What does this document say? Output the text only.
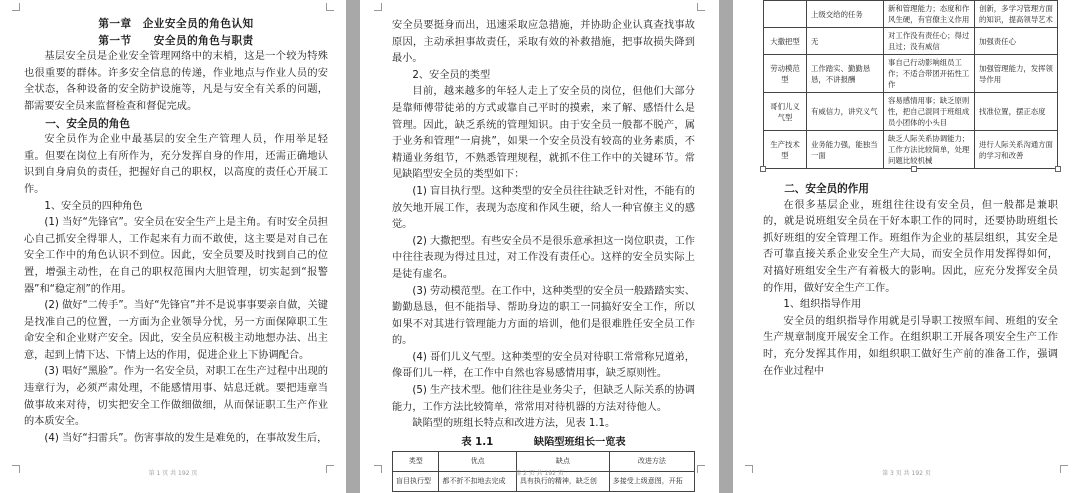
第一章　企业安全员的角色认知

第一节　　安全员的角色与职责

基层安全员是企业安全管理网络中的末梢，这是一个较为特殊也很重要的群体。许多安全信息的传递，作业地点与作业人员的安全状态，各种设备的安全防护设施等，凡是与安全有关系的问题，都需要安全员来监督检查和督促完成。

一、安全员的角色

安全员作为企业中最基层的安全生产管理人员，作用举足轻重。但要在岗位上有所作为，充分发挥自身的作用，还需正确地认识到自身肩负的责任，把握好自己的职权，以高度的责任心开展工作。

1、安全员的四种角色

(1) 当好“先锋官”。安全员在安全生产上是主角。有时安全员担心自己抓安全得罪人，工作起来有力而不敢使，这主要是对自己在安全工作中的角色认识不到位。因此，安全员要及时找到自己的位置，增强主动性，在自己的职权范围内大胆管理，切实起到“报警器”和“稳定剂”的作用。

(2) 做好“二传手”。当好“先锋官”并不是说事事要亲自做，关键是找准自己的位置，一方面为企业领导分忧，另一方面保障职工生命安全和企业财产安全。因此，安全员应积极主动地想办法、出主意，起到上情下达、下情上达的作用，促进企业上下协调配合。

(3) 唱好“黑脸”。作为一名安全员，对职工在生产过程中出现的违章行为，必须严肃处理，不能感情用事、姑息迁就。要把违章当做事故来对待，切实把安全工作做细做细，从而保证职工生产作业的本质安全。

(4) 当好“扫雷兵”。伤害事故的发生是难免的，在事故发生后，

第 1 页 共 192 页

安全员要挺身而出，迅速采取应急措施，并协助企业认真查找事故原因，主动承担事故责任，采取有效的补救措施，把事故损失降到最小。

2、安全员的类型

目前，越来越多的年轻人走上了安全员的岗位，但他们大部分是靠师傅带徒弟的方式或靠自己平时的摸索，来了解、感悟什么是管理。因此，缺乏系统的管理知识。由于安全员一般都不脱产，属于业务和管理“一肩挑”，如果一个安全员没有较高的业务素质，不精通业务组节，不熟悉管理规程，就抓不住工作中的关键环节。常见缺陷型安全员的类型如下：

(1) 盲目执行型。这种类型的安全员往往缺乏针对性，不能有的放矢地开展工作，表现为态度和作风生硬，给人一种官僚主义的感觉。

(2) 大撒把型。有些安全员不是很乐意承担这一岗位职责，工作中往往表现为得过且过，对工作没有责任心。这样的安全员实际上是徒有虚名。

(3) 劳动模范型。在工作中，这种类型的安全员一般踏踏实实、勤勤恳恳，但不能指导、帮助身边的职工一同搞好安全工作，所以如果不对其进行管理能力方面的培训，他们是很难胜任安全员工作的。

(4) 哥们儿义气型。这种类型的安全员对待职工常常称兄道弟，像哥们儿一样，在工作中自然也容易感情用事，缺乏原则性。

(5) 生产技术型。他们往往是业务尖子，但缺乏人际关系的协调能力，工作方法比较简单，常常用对待机器的方法对待他人。

缺陷型的班组长特点和改进方法，见表 1.1。

表 1.1　　　　缺陷型班组长一览表

类型	优点	缺点	改进方法
盲目执行型	都不折不扣地去完成	具有执行的精神，缺乏创	多接受上级意图，开拓
第 2 页 共 192 页
	上级交给的任务	新和管理能力；态度和作风生硬，有官僚主义作用	创新，多学习管理方面的知识，提高领导艺术
大撒把型	无	对工作没有责任心；得过且过；没有威信	加强责任心
劳动模范型	工作踏实、勤勤恳恳，不讲报酬	事自己行动影响组员工作；不适合带团开拓性工作	加强管理能力，发挥领导作用
哥们儿义气型	有威信力，讲究义气	容易感情用事；缺乏原则性，把自己混同于班组成员小团体的小头目	找准位置，摆正态度
生产技术型	业务能力强，能独当一面	缺乏人际关系协调能力；工作方法比较简单，处理问题比较机械	进行人际关系沟通方面的学习和改善

二、安全员的作用

在很多基层企业，班组往往设有安全员，但一般都是兼职的，就是说班组安全员在干好本职工作的同时，还要协助班组长抓好班组的安全管理工作。班组作为企业的基层组织，其安全是否可靠直接关系企业安全生产大局，而安全员作用发挥得如何，对搞好班组安全生产有着极大的影响。因此，应充分发挥安全员的作用，做好安全生产工作。

1、组织指导作用

安全员的组织指导作用就是引导职工按照车间、班组的安全生产规章制度开展安全工作。在组织职工开展各项安全生产工作时，充分发挥其作用，如组织职工做好生产前的准备工作，强调在作业过程中

第 3 页 共 192 页
